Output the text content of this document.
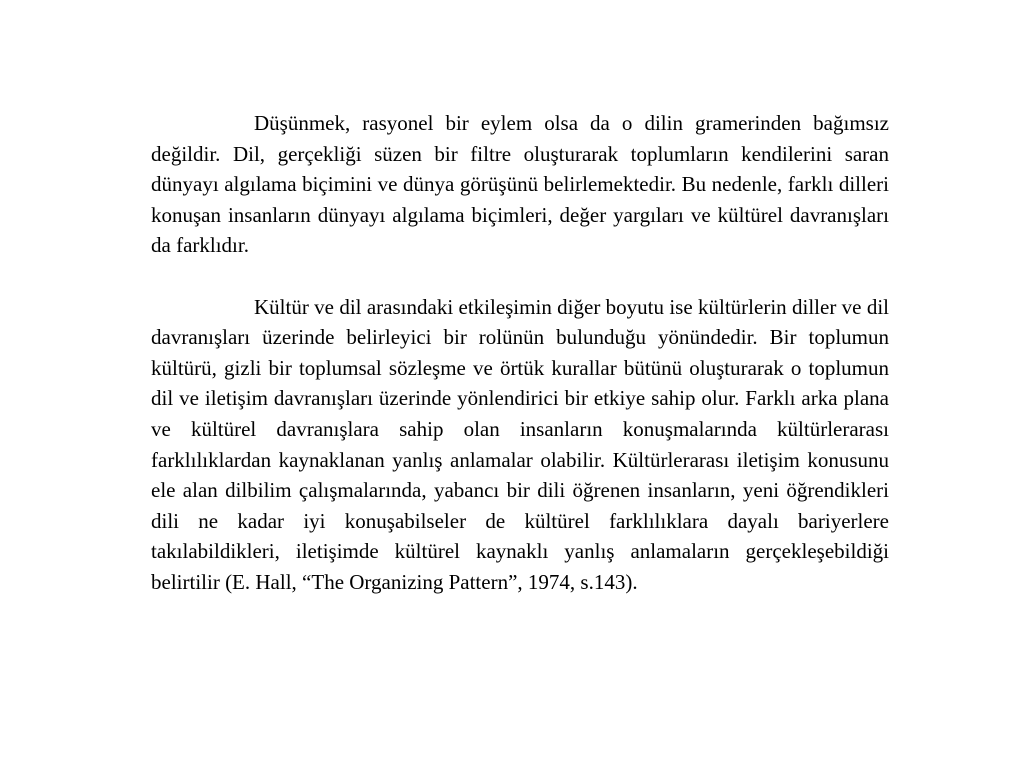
Düşünmek, rasyonel bir eylem olsa da o dilin gramerinden bağımsız değildir. Dil, gerçekliği süzen bir filtre oluşturarak toplumların kendilerini saran dünyayı algılama biçimini ve dünya görüşünü belirlemektedir. Bu nedenle, farklı dilleri konuşan insanların dünyayı algılama biçimleri, değer yargıları ve kültürel davranışları da farklıdır.

Kültür ve dil arasındaki etkileşimin diğer boyutu ise kültürlerin diller ve dil davranışları üzerinde belirleyici bir rolünün bulunduğu yönündedir. Bir toplumun kültürü, gizli bir toplumsal sözleşme ve örtük kurallar bütünü oluşturarak o toplumun dil ve iletişim davranışları üzerinde yönlendirici bir etkiye sahip olur. Farklı arka plana ve kültürel davranışlara sahip olan insanların konuşmalarında kültürlerarası farklılıklardan kaynaklanan yanlış anlamalar olabilir. Kültürlerarası iletişim konusunu ele alan dilbilim çalışmalarında, yabancı bir dili öğrenen insanların, yeni öğrendikleri dili ne kadar iyi konuşabilseler de kültürel farklılıklara dayalı bariyerlere takılabildikleri, iletişimde kültürel kaynaklı yanlış anlamaların gerçekleşebildiği belirtilir (E. Hall, “The Organizing Pattern”, 1974, s.143).
